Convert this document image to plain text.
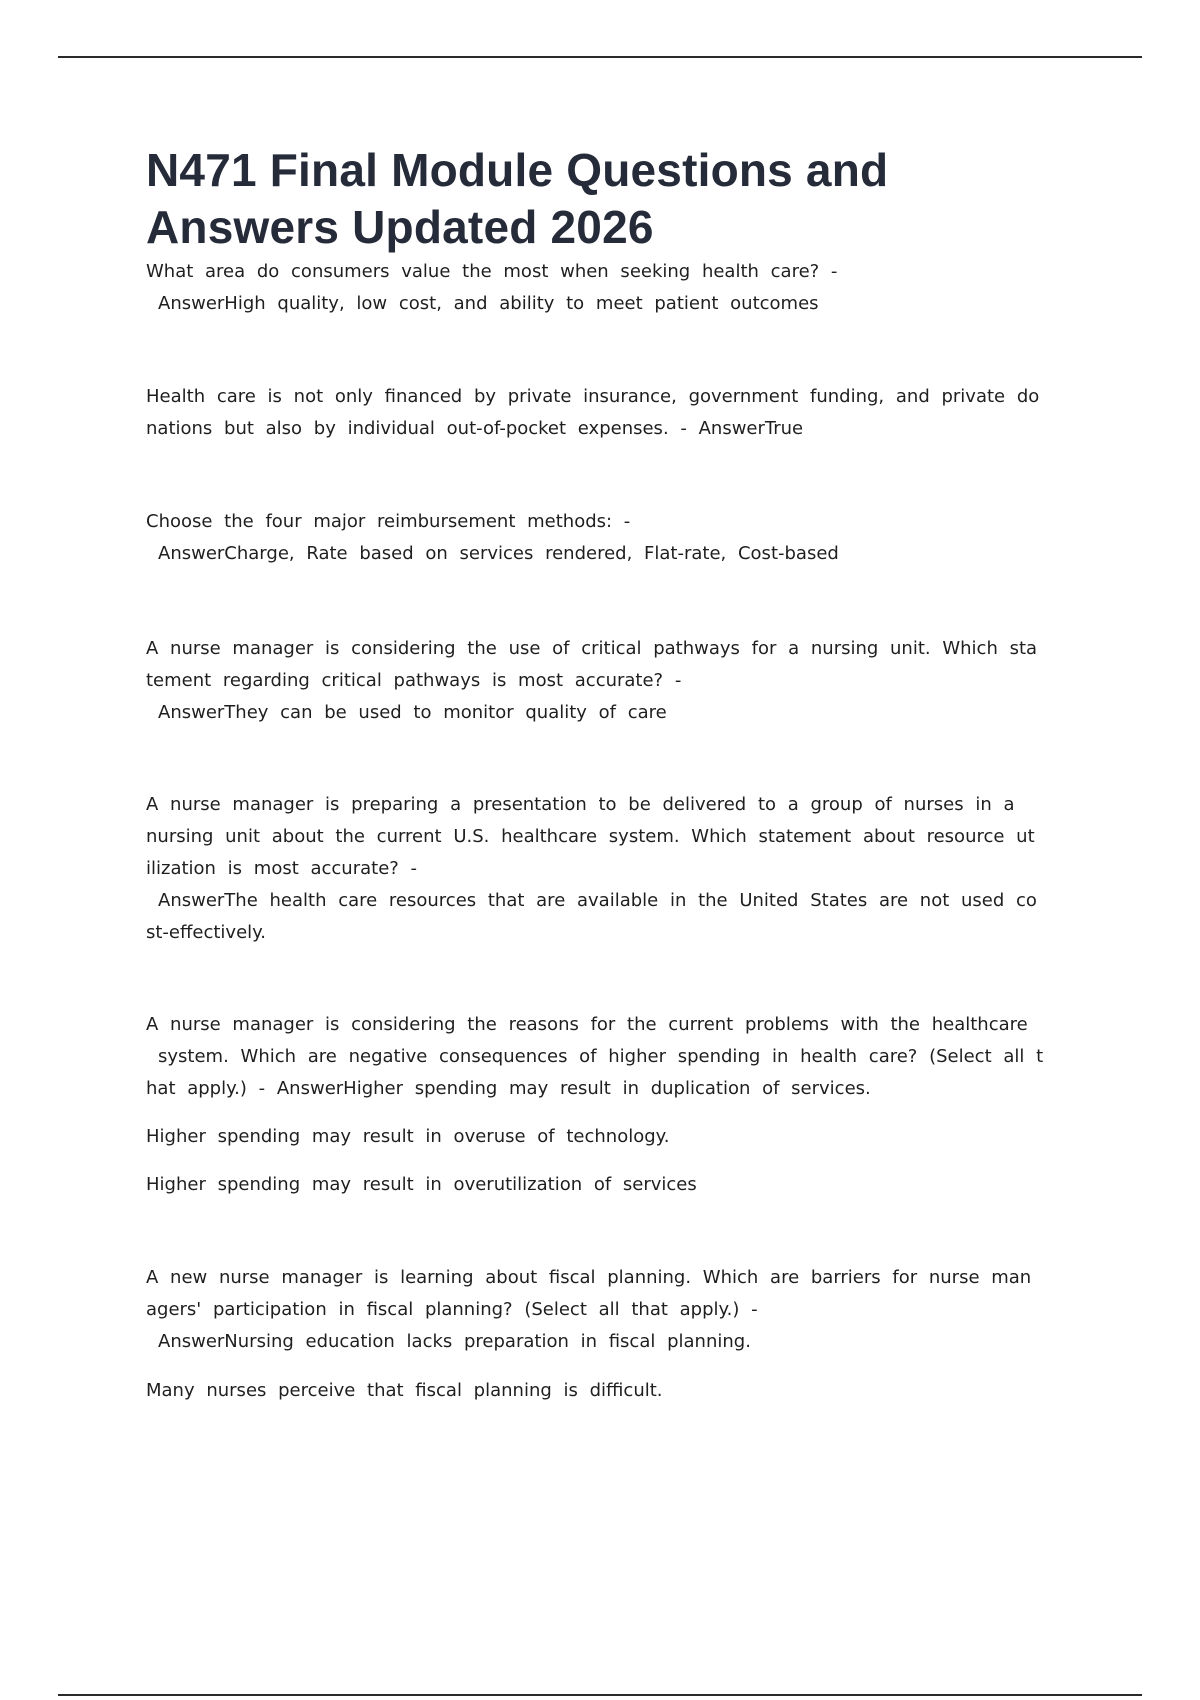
N471 Final Module Questions and
Answers Updated 2026
What area do consumers value the most when seeking health care? -
AnswerHigh quality, low cost, and ability to meet patient outcomes
Health care is not only financed by private insurance, government funding, and private do
nations but also by individual out-of-pocket expenses. - AnswerTrue
Choose the four major reimbursement methods: -
AnswerCharge, Rate based on services rendered, Flat-rate, Cost-based
A nurse manager is considering the use of critical pathways for a nursing unit. Which sta
tement regarding critical pathways is most accurate? -
AnswerThey can be used to monitor quality of care
A nurse manager is preparing a presentation to be delivered to a group of nurses in a
nursing unit about the current U.S. healthcare system. Which statement about resource ut
ilization is most accurate? -
AnswerThe health care resources that are available in the United States are not used co
st-effectively.
A nurse manager is considering the reasons for the current problems with the healthcare
system. Which are negative consequences of higher spending in health care? (Select all t
hat apply.) - AnswerHigher spending may result in duplication of services.
Higher spending may result in overuse of technology.
Higher spending may result in overutilization of services
A new nurse manager is learning about fiscal planning. Which are barriers for nurse man
agers' participation in fiscal planning? (Select all that apply.) -
AnswerNursing education lacks preparation in fiscal planning.
Many nurses perceive that fiscal planning is difficult.
